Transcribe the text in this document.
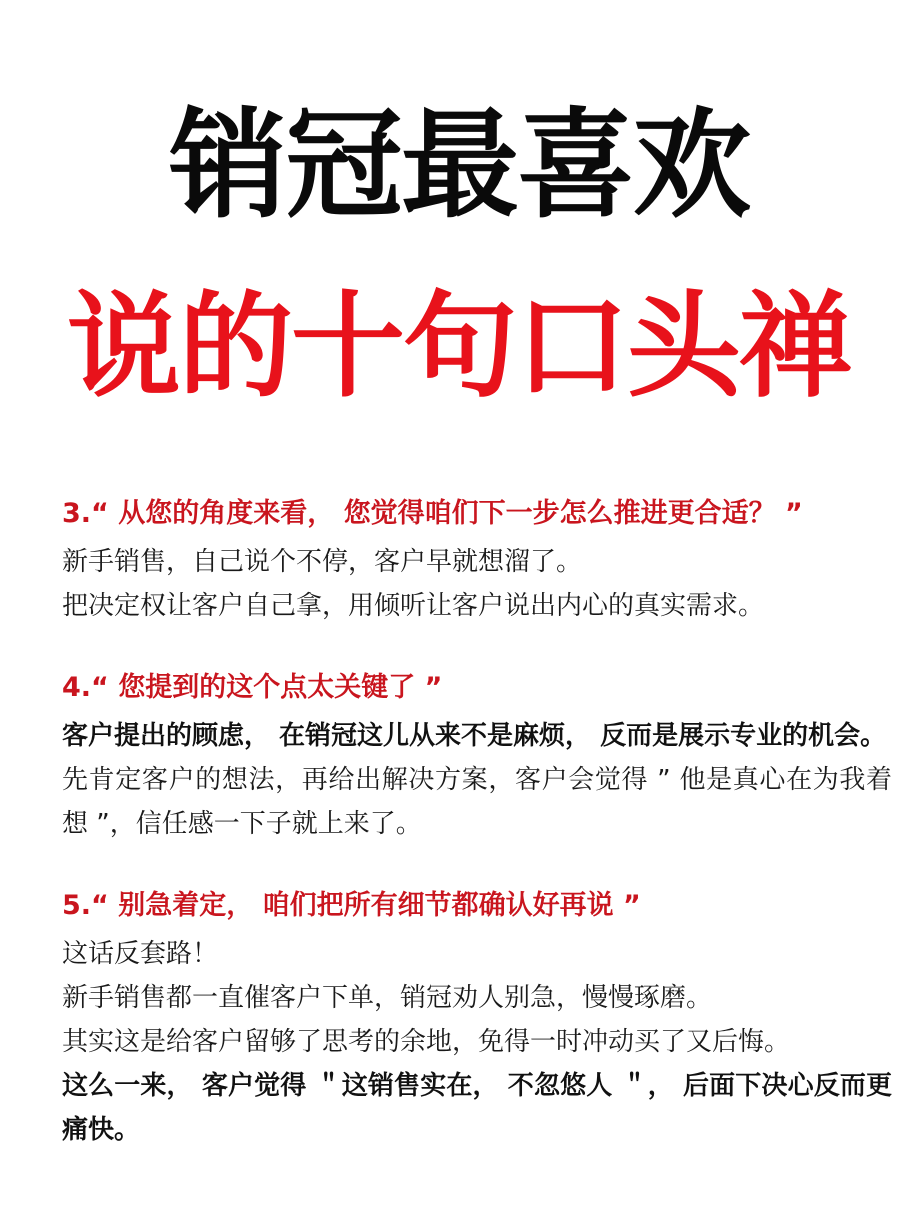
销冠最喜欢
说的十句口头禅
3.“ 从您的角度来看， 您觉得咱们下一步怎么推进更合适？ ”

新手销售，自己说个不停，客户早就想溜了。

把决定权让客户自己拿，用倾听让客户说出内心的真实需求。

4.“ 您提到的这个点太关键了 ”

客户提出的顾虑， 在销冠这儿从来不是麻烦， 反而是展示专业的机会。

先肯定客户的想法，再给出解决方案，客户会觉得 ” 他是真心在为我着想 ”，信任感一下子就上来了。

5.“ 别急着定， 咱们把所有细节都确认好再说 ”

这话反套路！

新手销售都一直催客户下单，销冠劝人别急，慢慢琢磨。

其实这是给客户留够了思考的余地，免得一时冲动买了又后悔。

这么一来， 客户觉得 ＂这销售实在， 不忽悠人 ＂， 后面下决心反而更痛快。
